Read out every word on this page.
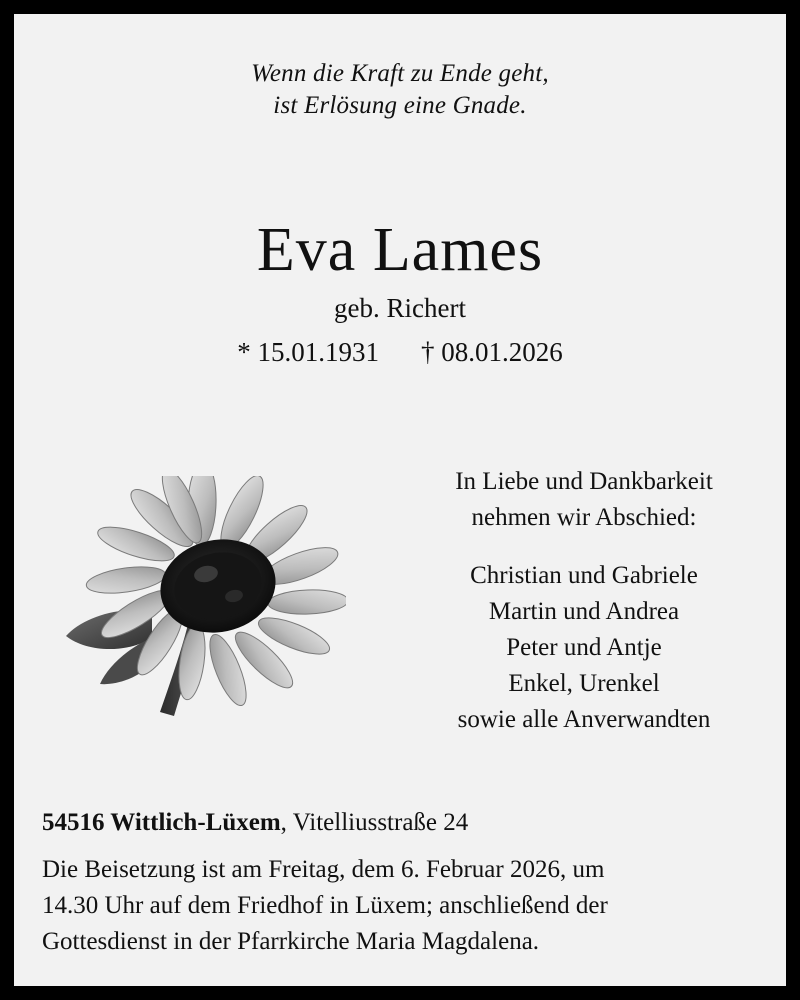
Wenn die Kraft zu Ende geht,
ist Erlösung eine Gnade.
Eva Lames
geb. Richert
* 15.01.1931 † 08.01.2026
In Liebe und Dankbarkeit
nehmen wir Abschied:
Christian und Gabriele
Martin und Andrea
Peter und Antje
Enkel, Urenkel
sowie alle Anverwandten
54516 Wittlich-Lüxem, Vitelliusstraße 24
Die Beisetzung ist am Freitag, dem 6. Februar 2026, um
14.30 Uhr auf dem Friedhof in Lüxem; anschließend der
Gottesdienst in der Pfarrkirche Maria Magdalena.
